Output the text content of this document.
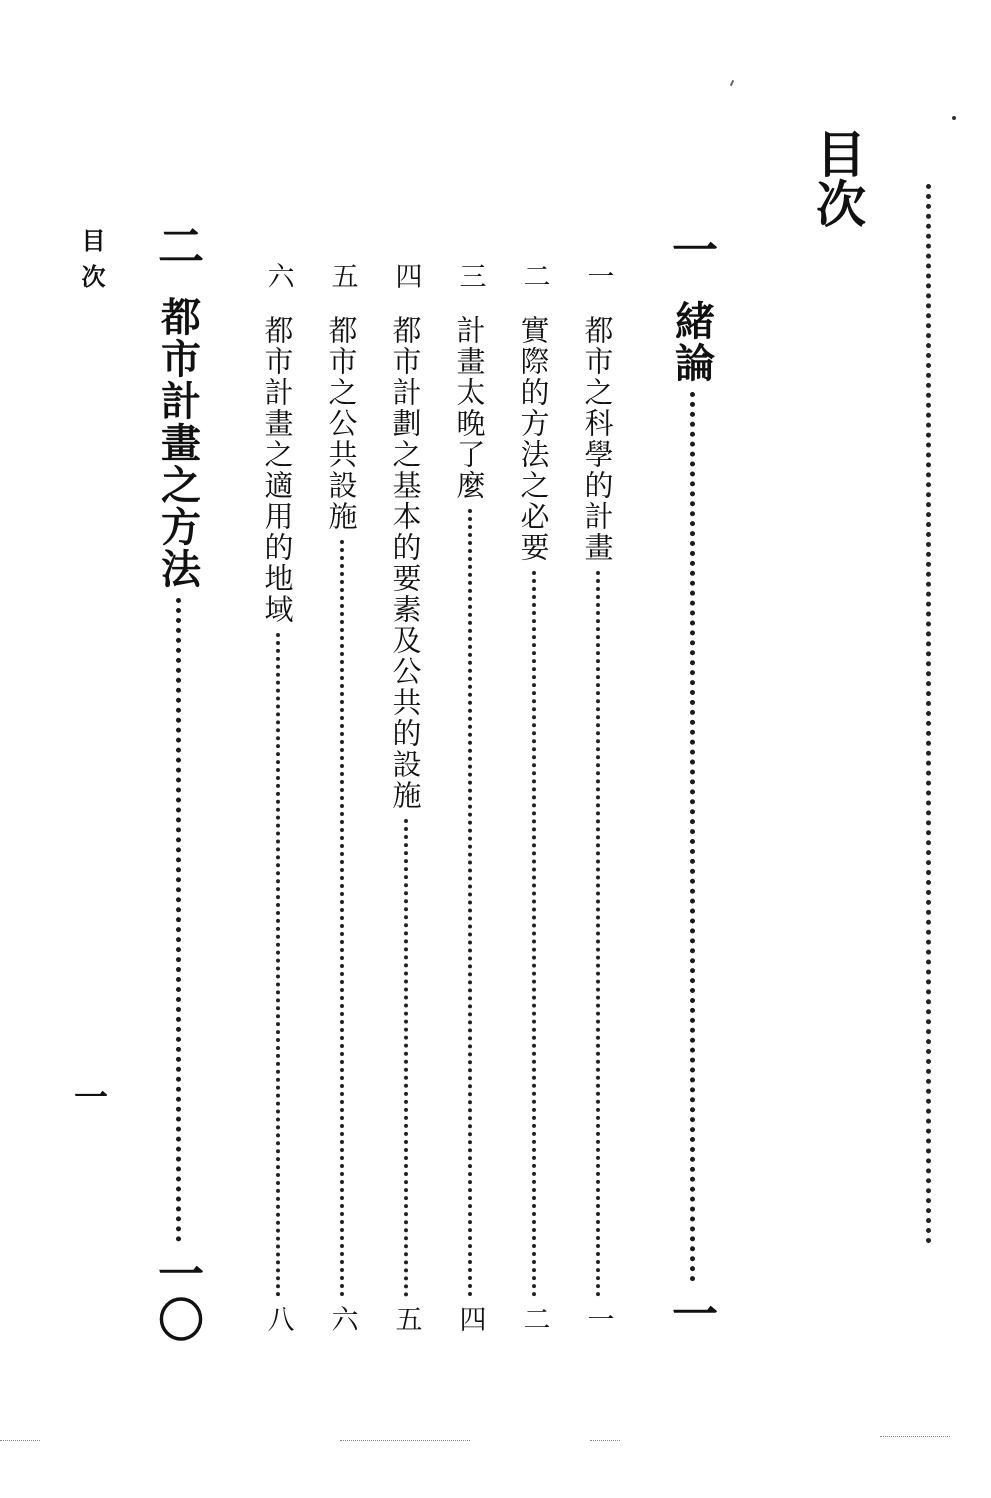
目次
一
緒論
一
一
都市之科學的計畫
一
二
實際的方法之必要
二
三
計畫太晚了麼
四
四
都市計劃之基本的要素及公共的設施
五
五
都市之公共設施
六
六
都市計畫之適用的地域
八
二
都市計畫之方法
一〇
目次
一
